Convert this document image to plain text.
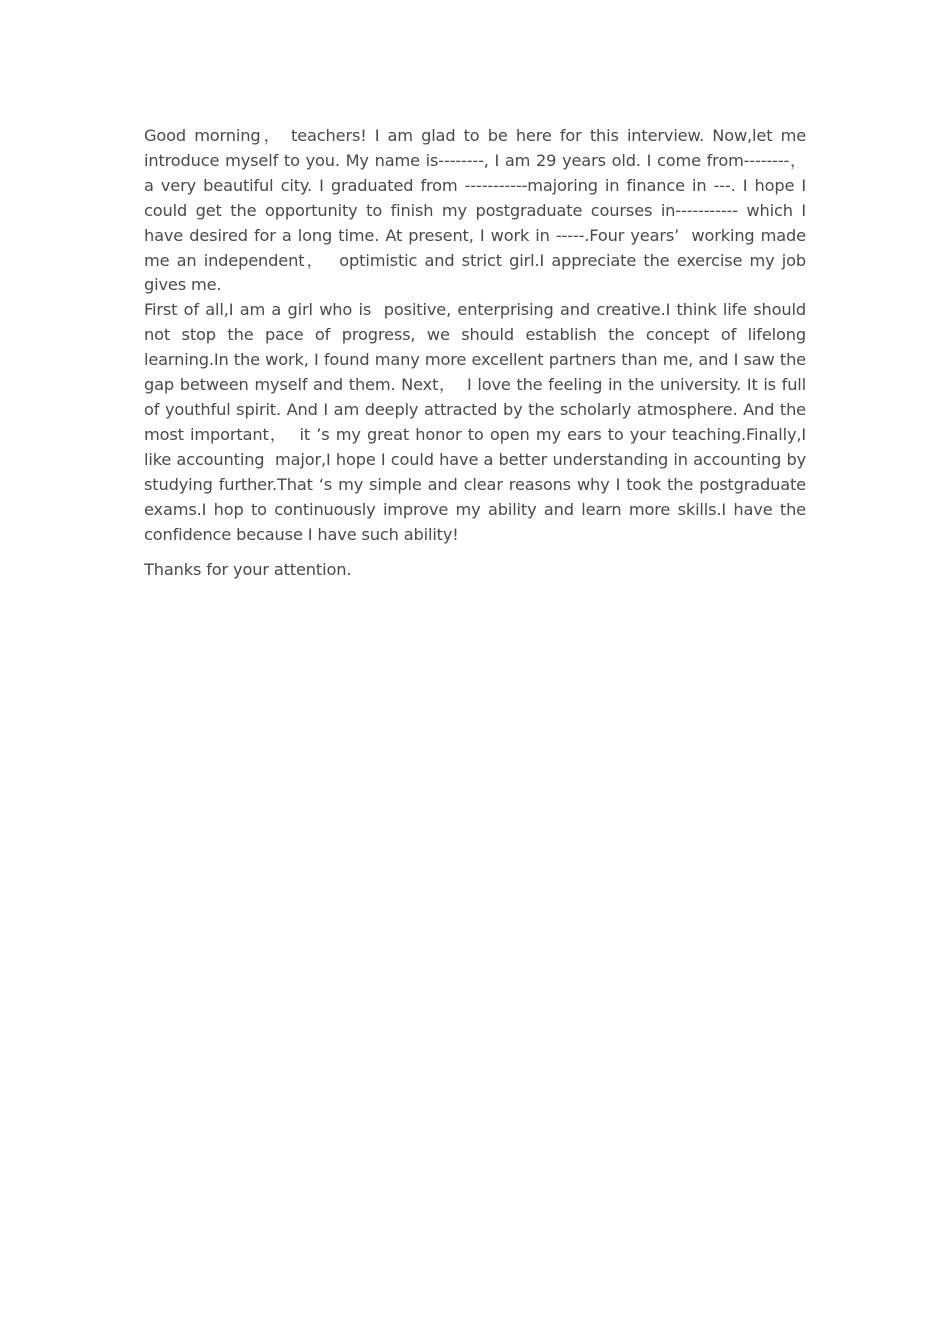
Good morning， teachers! I am glad to be here for this interview. Now,let me introduce myself to you. My name is--------, I am 29 years old. I come from--------，  a very beautiful city. I graduated from -----------majoring in finance in ---. I hope I could get the opportunity to finish my postgraduate courses in----------- which I have desired for a long time. At present, I work in -----.Four years’  working made me an independent，  optimistic and strict girl.I appreciate the exercise my job gives me.

First of all,I am a girl who is  positive, enterprising and creative.I think life should not stop the pace of progress, we should establish the concept of lifelong learning.In the work, I found many more excellent partners than me, and I saw the gap between myself and them. Next，  I love the feeling in the university. It is full of youthful spirit. And I am deeply attracted by the scholarly atmosphere. And the most important，  it ’s my great honor to open my ears to your teaching.Finally,I like accounting  major,I hope I could have a better understanding in accounting by studying further.That ‘s my simple and clear reasons why I took the postgraduate exams.I hop to continuously improve my ability and learn more skills.I have the confidence because I have such ability!

Thanks for your attention.
